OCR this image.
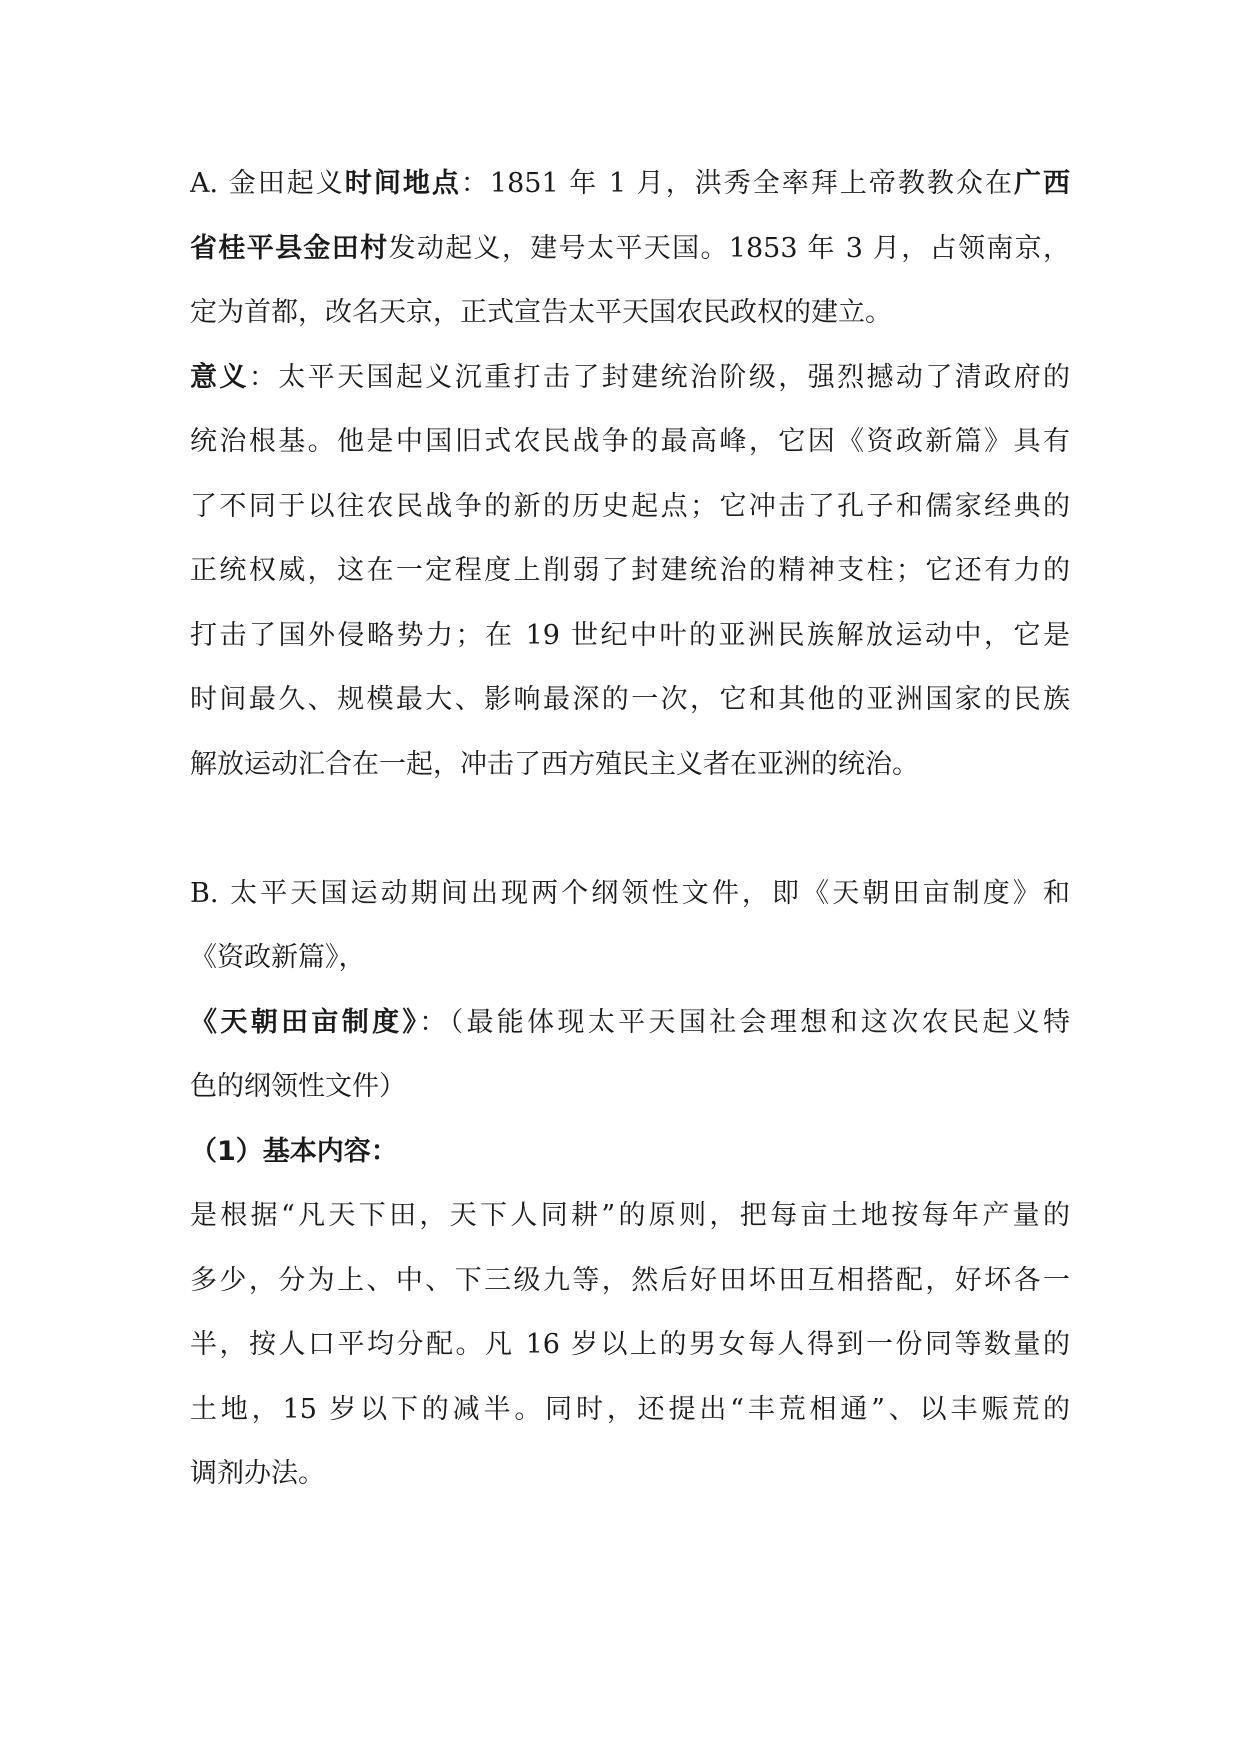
A. 金田起义时间地点：1851 年 1 月，洪秀全率拜上帝教教众在广西
省桂平县金田村发动起义，建号太平天国。1853 年 3 月，占领南京，
定为首都，改名天京，正式宣告太平天国农民政权的建立。
意义：太平天国起义沉重打击了封建统治阶级，强烈撼动了清政府的
统治根基。他是中国旧式农民战争的最高峰，它因《资政新篇》具有
了不同于以往农民战争的新的历史起点；它冲击了孔子和儒家经典的
正统权威，这在一定程度上削弱了封建统治的精神支柱；它还有力的
打击了国外侵略势力；在 19 世纪中叶的亚洲民族解放运动中，它是
时间最久、规模最大、影响最深的一次，它和其他的亚洲国家的民族
解放运动汇合在一起，冲击了西方殖民主义者在亚洲的统治。
B. 太平天国运动期间出现两个纲领性文件，即《天朝田亩制度》和
《资政新篇》，
《天朝田亩制度》：（最能体现太平天国社会理想和这次农民起义特
色的纲领性文件）
（1）基本内容：
是根据“凡天下田，天下人同耕”的原则，把每亩土地按每年产量的
多少，分为上、中、下三级九等，然后好田坏田互相搭配，好坏各一
半，按人口平均分配。凡 16 岁以上的男女每人得到一份同等数量的
土地，15 岁以下的减半。同时，还提出“丰荒相通”、以丰赈荒的
调剂办法。
